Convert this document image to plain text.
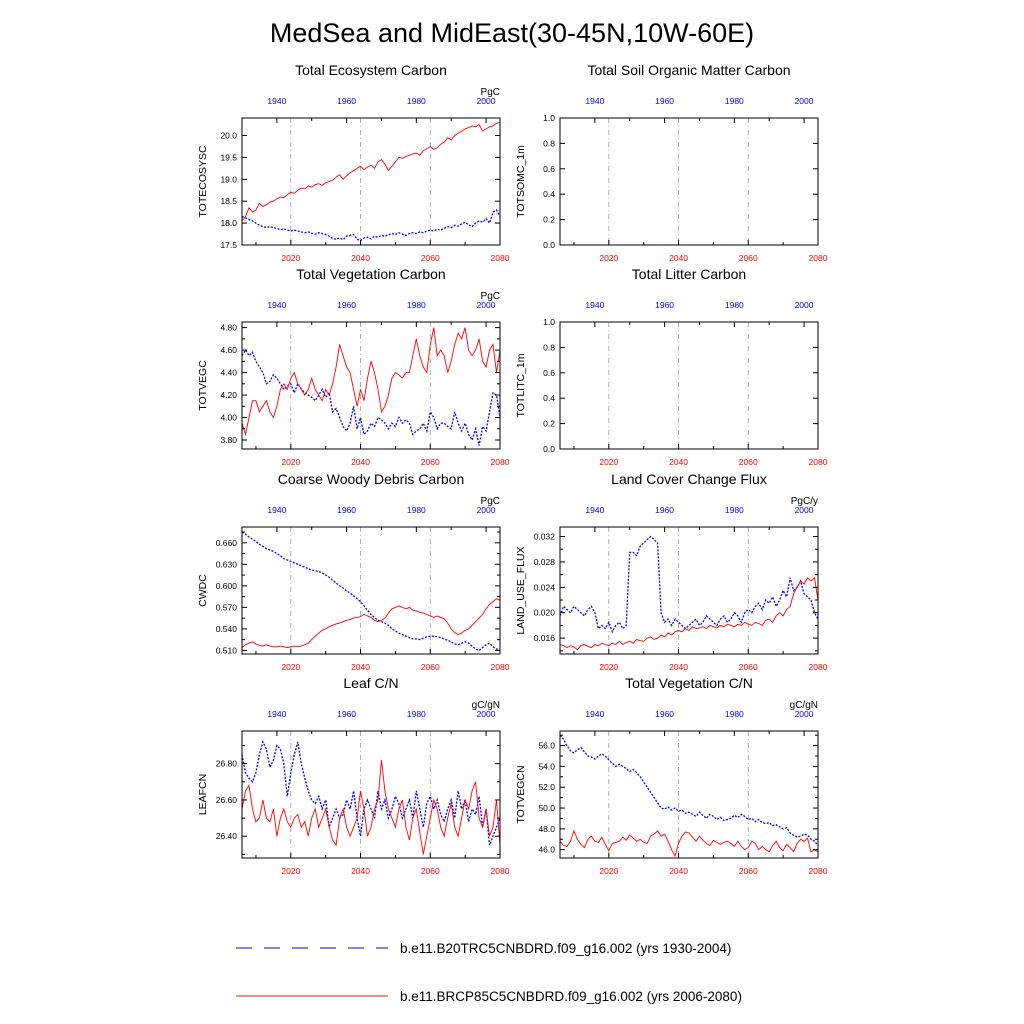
MedSea and MidEast(30-45N,10W-60E)
Total Ecosystem Carbon
PgC
TOTECOSYSC
17.5
18.0
18.5
19.0
19.5
20.0
2020	2040	2060	2080
1940	1960	1980	2000
Total Soil Organic Matter Carbon
TOTSOMC_1m
0.0
0.2
0.4
0.6
0.8
1.0
2020	2040	2060	2080
1940	1960	1980	2000
Total Vegetation Carbon
PgC
TOTVEGC
3.80
4.00
4.20
4.40
4.60
4.80
2020	2040	2060	2080
1940	1960	1980	2000
Total Litter Carbon
TOTLITC_1m
0.0
0.2
0.4
0.6
0.8
1.0
2020	2040	2060	2080
1940	1960	1980	2000
Coarse Woody Debris Carbon
PgC
CWDC
0.510
0.540
0.570
0.600
0.630
0.660
2020	2040	2060	2080
1940	1960	1980	2000
Land Cover Change Flux
PgC/y
LAND_USE_FLUX
0.016
0.020
0.024
0.028
0.032
2020	2040	2060	2080
1940	1960	1980	2000
Leaf C/N
gC/gN
LEAFCN
26.40
26.60
26.80
2020	2040	2060	2080
1940	1960	1980	2000
Total Vegetation C/N
gC/gN
TOTVEGCN
46.0
48.0
50.0
52.0
54.0
56.0
2020	2040	2060	2080
1940	1960	1980	2000
b.e11.B20TRC5CNBDRD.f09_g16.002 (yrs 1930-2004)
b.e11.BRCP85C5CNBDRD.f09_g16.002 (yrs 2006-2080)
